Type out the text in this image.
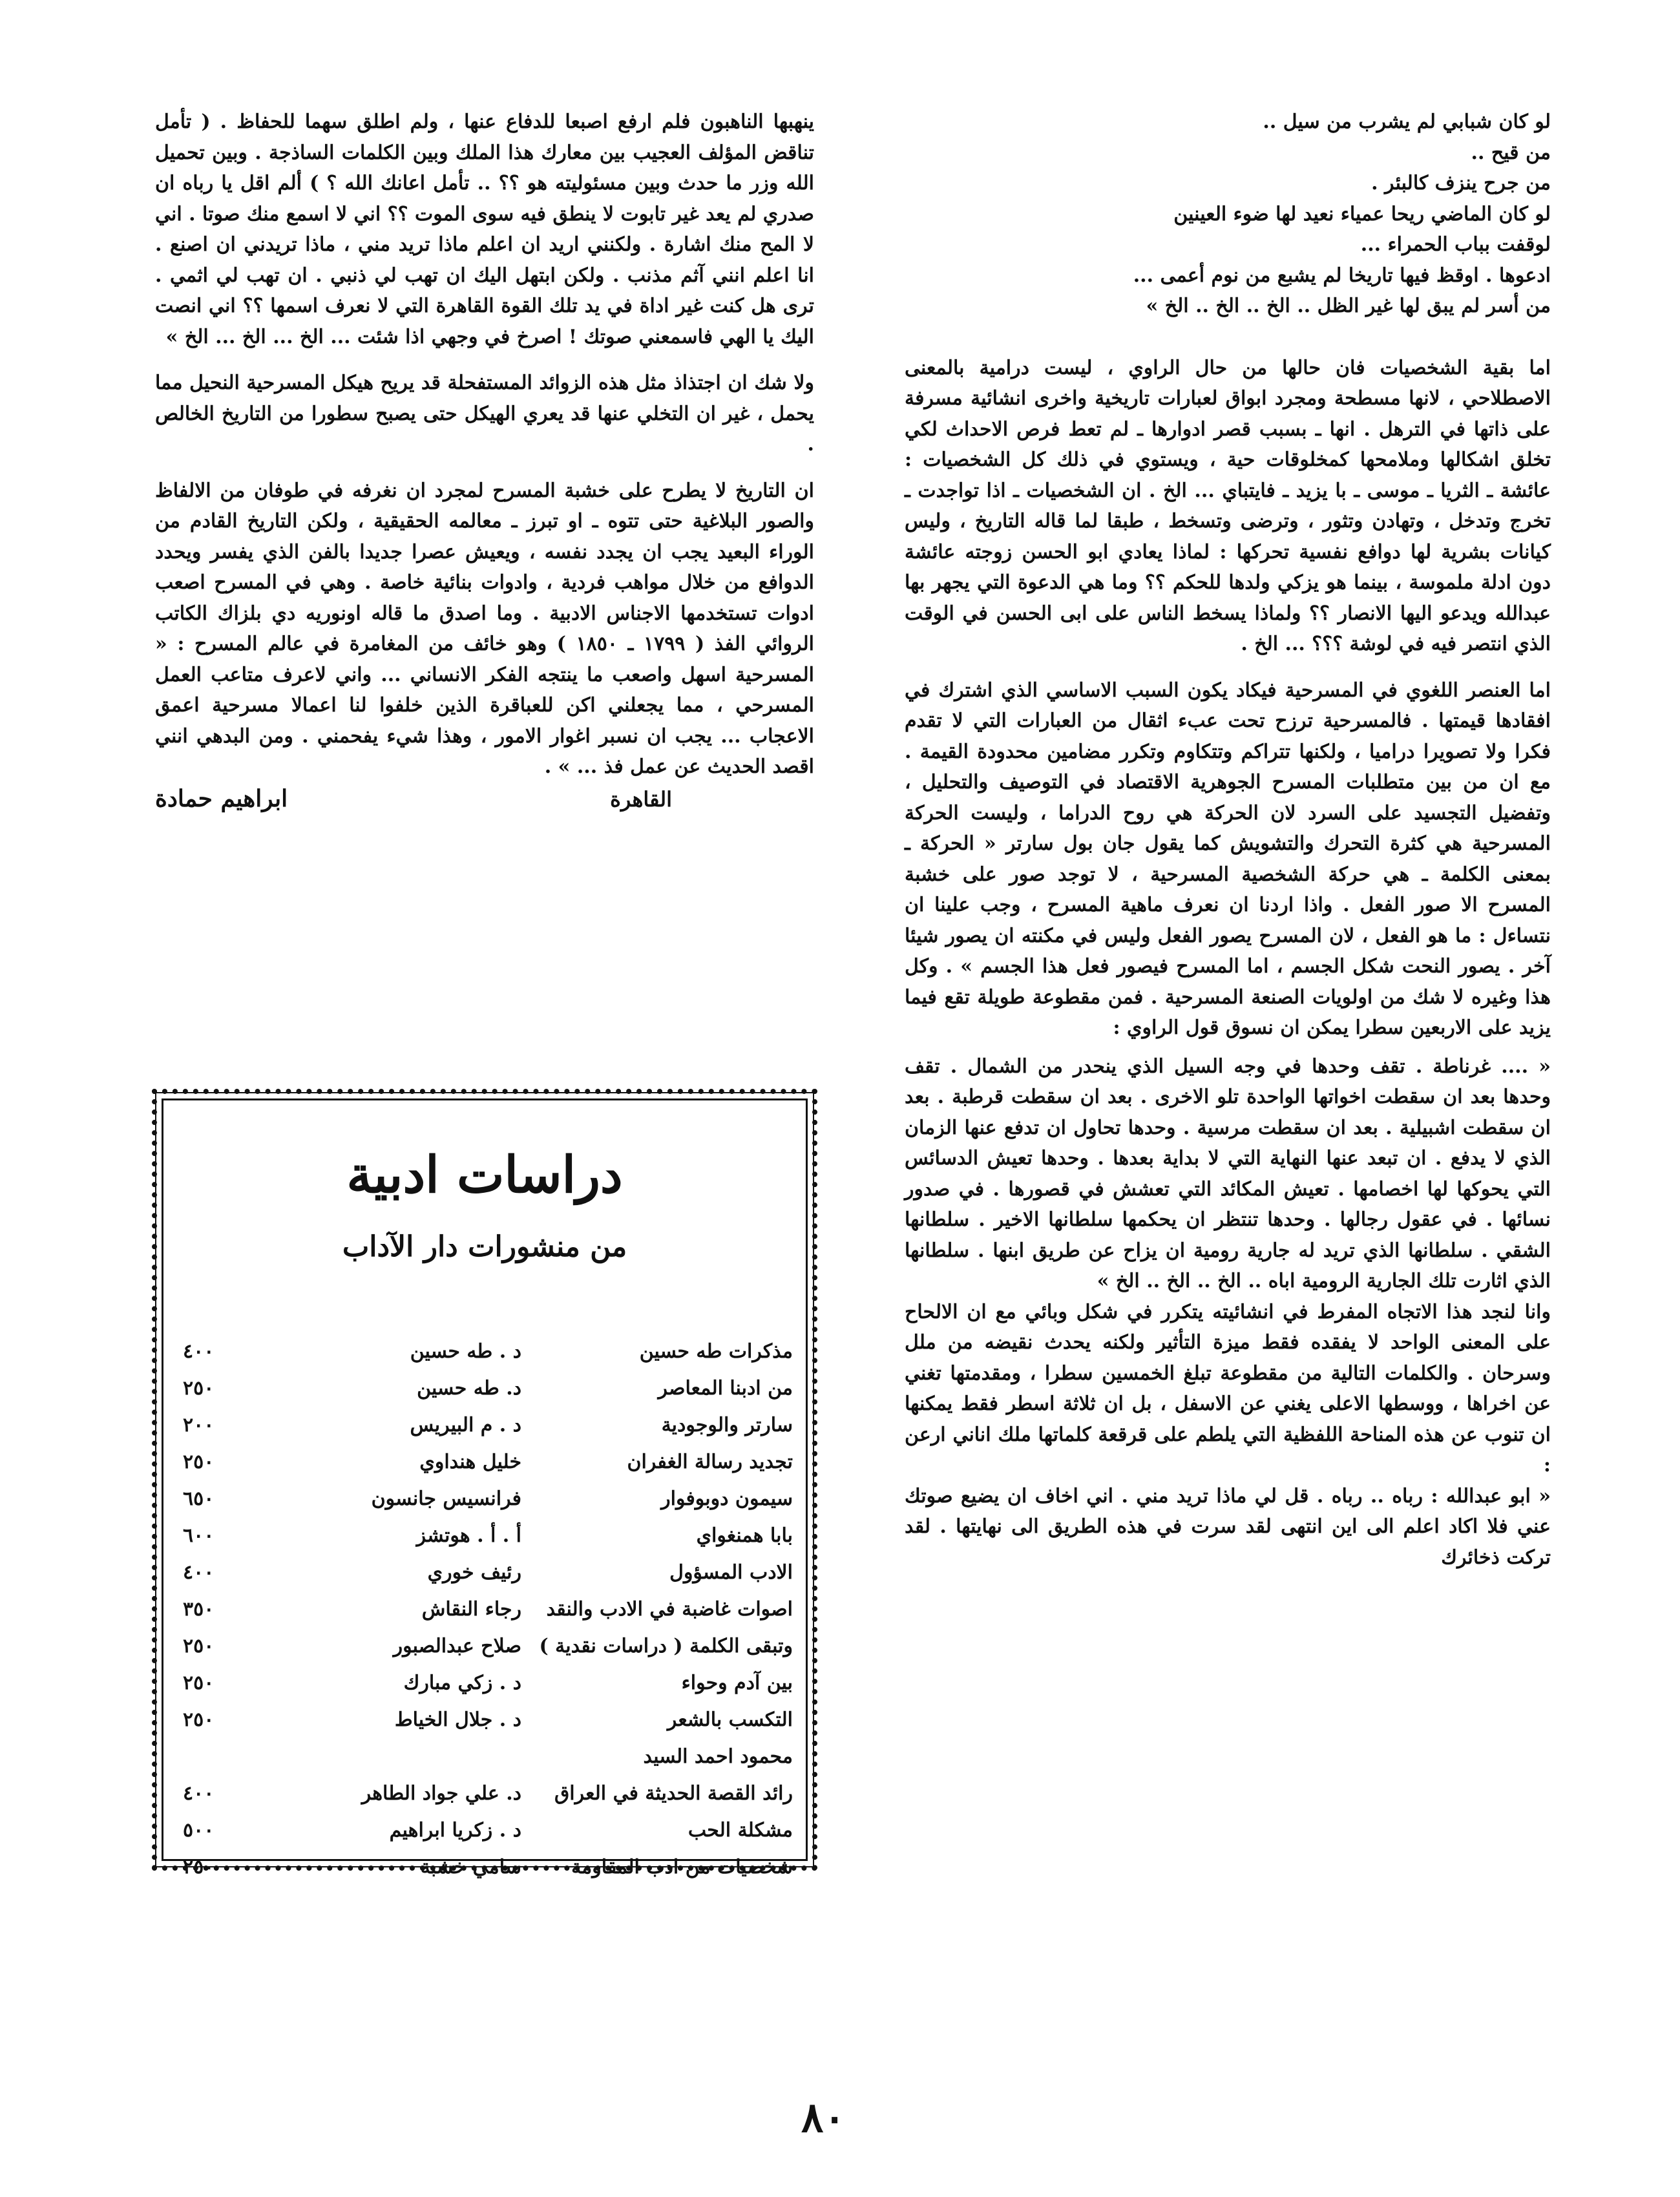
لو كان شبابي لم يشرب من سيل ..

من قيح ..

من جرح ينزف كالبئر .

لو كان الماضي ريحا عمياء نعيد لها ضوء العينين

لوقفت بباب الحمراء ...

ادعوها . اوقظ فيها تاريخا لم يشبع من نوم أعمى ...

من أسر لم يبق لها غير الظل .. الخ .. الخ .. الخ »

اما بقية الشخصيات فان حالها من حال الراوي ، ليست درامية بالمعنى الاصطلاحي ، لانها مسطحة ومجرد ابواق لعبارات تاريخية واخرى انشائية مسرفة على ذاتها في الترهل . انها ـ بسبب قصر ادوارها ـ لم تعط فرص الاحداث لكي تخلق اشكالها وملامحها كمخلوقات حية ، ويستوي في ذلك كل الشخصيات : عائشة ـ الثريا ـ موسى ـ با يزيد ـ فايتباي ... الخ . ان الشخصيات ـ اذا تواجدت ـ تخرج وتدخل ، وتهادن وتثور ، وترضى وتسخط ، طبقا لما قاله التاريخ ، وليس كيانات بشرية لها دوافع نفسية تحركها : لماذا يعادي ابو الحسن زوجته عائشة دون ادلة ملموسة ، بينما هو يزكي ولدها للحكم ؟؟ وما هي الدعوة التي يجهر بها عبدالله ويدعو اليها الانصار ؟؟ ولماذا يسخط الناس على ابى الحسن في الوقت الذي انتصر فيه في لوشة ؟؟؟ ... الخ .

اما العنصر اللغوي في المسرحية فيكاد يكون السبب الاساسي الذي اشترك في افقادها قيمتها . فالمسرحية ترزح تحت عبء اثقال من العبارات التي لا تقدم فكرا ولا تصويرا دراميا ، ولكنها تتراكم وتتكاوم وتكرر مضامين محدودة القيمة . مع ان من بين متطلبات المسرح الجوهرية الاقتصاد في التوصيف والتحليل ، وتفضيل التجسيد على السرد لان الحركة هي روح الدراما ، وليست الحركة المسرحية هي كثرة التحرك والتشويش كما يقول جان بول سارتر « الحركة ـ بمعنى الكلمة ـ هي حركة الشخصية المسرحية ، لا توجد صور على خشبة المسرح الا صور الفعل . واذا اردنا ان نعرف ماهية المسرح ، وجب علينا ان نتساءل : ما هو الفعل ، لان المسرح يصور الفعل وليس في مكنته ان يصور شيئا آخر . يصور النحت شكل الجسم ، اما المسرح فيصور فعل هذا الجسم » . وكل هذا وغيره لا شك من اولويات الصنعة المسرحية . فمن مقطوعة طويلة تقع فيما يزيد على الاربعين سطرا يمكن ان نسوق قول الراوي :

« .... غرناطة . تقف وحدها في وجه السيل الذي ينحدر من الشمال . تقف وحدها بعد ان سقطت اخواتها الواحدة تلو الاخرى . بعد ان سقطت قرطبة . بعد ان سقطت اشبيلية . بعد ان سقطت مرسية . وحدها تحاول ان تدفع عنها الزمان الذي لا يدفع . ان تبعد عنها النهاية التي لا بداية بعدها . وحدها تعيش الدسائس التي يحوكها لها اخصامها . تعيش المكائد التي تعشش في قصورها . في صدور نسائها . في عقول رجالها . وحدها تنتظر ان يحكمها سلطانها الاخير . سلطانها الشقي . سلطانها الذي تريد له جارية رومية ان يزاح عن طريق ابنها . سلطانها الذي اثارت تلك الجارية الرومية اباه .. الخ .. الخ .. الخ »

وانا لنجد هذا الاتجاه المفرط في انشائيته يتكرر في شكل وبائي مع ان الالحاح على المعنى الواحد لا يفقده فقط ميزة التأثير ولكنه يحدث نقيضه من ملل وسرحان . والكلمات التالية من مقطوعة تبلغ الخمسين سطرا ، ومقدمتها تغني عن اخراها ، ووسطها الاعلى يغني عن الاسفل ، بل ان ثلاثة اسطر فقط يمكنها ان تنوب عن هذه المناحة اللفظية التي يلطم على قرقعة كلماتها ملك اناني ارعن :

« ابو عبدالله : رباه .. رباه . قل لي ماذا تريد مني . اني اخاف ان يضيع صوتك عني فلا اكاد اعلم الى اين انتهى لقد سرت في هذه الطريق الى نهايتها . لقد تركت ذخائرك

ينهبها الناهبون فلم ارفع اصبعا للدفاع عنها ، ولم اطلق سهما للحفاظ . ( تأمل تناقض المؤلف العجيب بين معارك هذا الملك وبين الكلمات الساذجة . وبين تحميل الله وزر ما حدث وبين مسئوليته هو ؟؟ .. تأمل اعانك الله ؟ ) ألم اقل يا رباه ان صدري لم يعد غير تابوت لا ينطق فيه سوى الموت ؟؟ اني لا اسمع منك صوتا . اني لا المح منك اشارة . ولكنني اريد ان اعلم ماذا تريد مني ، ماذا تريدني ان اصنع . انا اعلم انني آثم مذنب . ولكن ابتهل اليك ان تهب لي ذنبي . ان تهب لي اثمي . ترى هل كنت غير اداة في يد تلك القوة القاهرة التي لا نعرف اسمها ؟؟ اني انصت اليك يا الهي فاسمعني صوتك ! اصرخ في وجهي اذا شئت ... الخ ... الخ ... الخ »

ولا شك ان اجتذاذ مثل هذه الزوائد المستفحلة قد يريح هيكل المسرحية النحيل مما يحمل ، غير ان التخلي عنها قد يعري الهيكل حتى يصبح سطورا من التاريخ الخالص .

ان التاريخ لا يطرح على خشبة المسرح لمجرد ان نغرفه في طوفان من الالفاظ والصور البلاغية حتى تتوه ـ او تبرز ـ معالمه الحقيقية ، ولكن التاريخ القادم من الوراء البعيد يجب ان يجدد نفسه ، ويعيش عصرا جديدا بالفن الذي يفسر ويحدد الدوافع من خلال مواهب فردية ، وادوات بنائية خاصة . وهي في المسرح اصعب ادوات تستخدمها الاجناس الادبية . وما اصدق ما قاله اونوريه دي بلزاك الكاتب الروائي الفذ ( ١٧٩٩ ـ ١٨٥٠ ) وهو خائف من المغامرة في عالم المسرح : « المسرحية اسهل واصعب ما ينتجه الفكر الانساني ... واني لاعرف متاعب العمل المسرحي ، مما يجعلني اكن للعباقرة الذين خلفوا لنا اعمالا مسرحية اعمق الاعجاب ... يجب ان نسبر اغوار الامور ، وهذا شيء يفحمني . ومن البدهي انني اقصد الحديث عن عمل فذ ... » .

القاهرة
ابراهيم حمادة
دراسات ادبية
من منشورات دار الآداب
مذكرات طه حسين
د . طه حسين
٤٠٠
من ادبنا المعاصر
د. طه حسين
٢٥٠
سارتر والوجودية
د . م البيريس
٢٠٠
تجديد رسالة الغفران
خليل هنداوي
٢٥٠
سيمون دوبوفوار
فرانسيس جانسون
٦٥٠
بابا همنغواي
أ . أ . هوتشز
٦٠٠
الادب المسؤول
رئيف خوري
٤٠٠
اصوات غاضبة في الادب والنقد
رجاء النقاش
٣٥٠
وتبقى الكلمة ( دراسات نقدية )
صلاح عبدالصبور
٢٥٠
بين آدم وحواء
د . زكي مبارك
٢٥٠
التكسب بالشعر
د . جلال الخياط
٢٥٠
محمود احمد السيد
رائد القصة الحديثة في العراق
د. علي جواد الطاهر
٤٠٠
مشكلة الحب
د . زكريا ابراهيم
٥٠٠
شخصيات من ادب المقاومة
سامي خشبة
٢٥٠
٨٠
